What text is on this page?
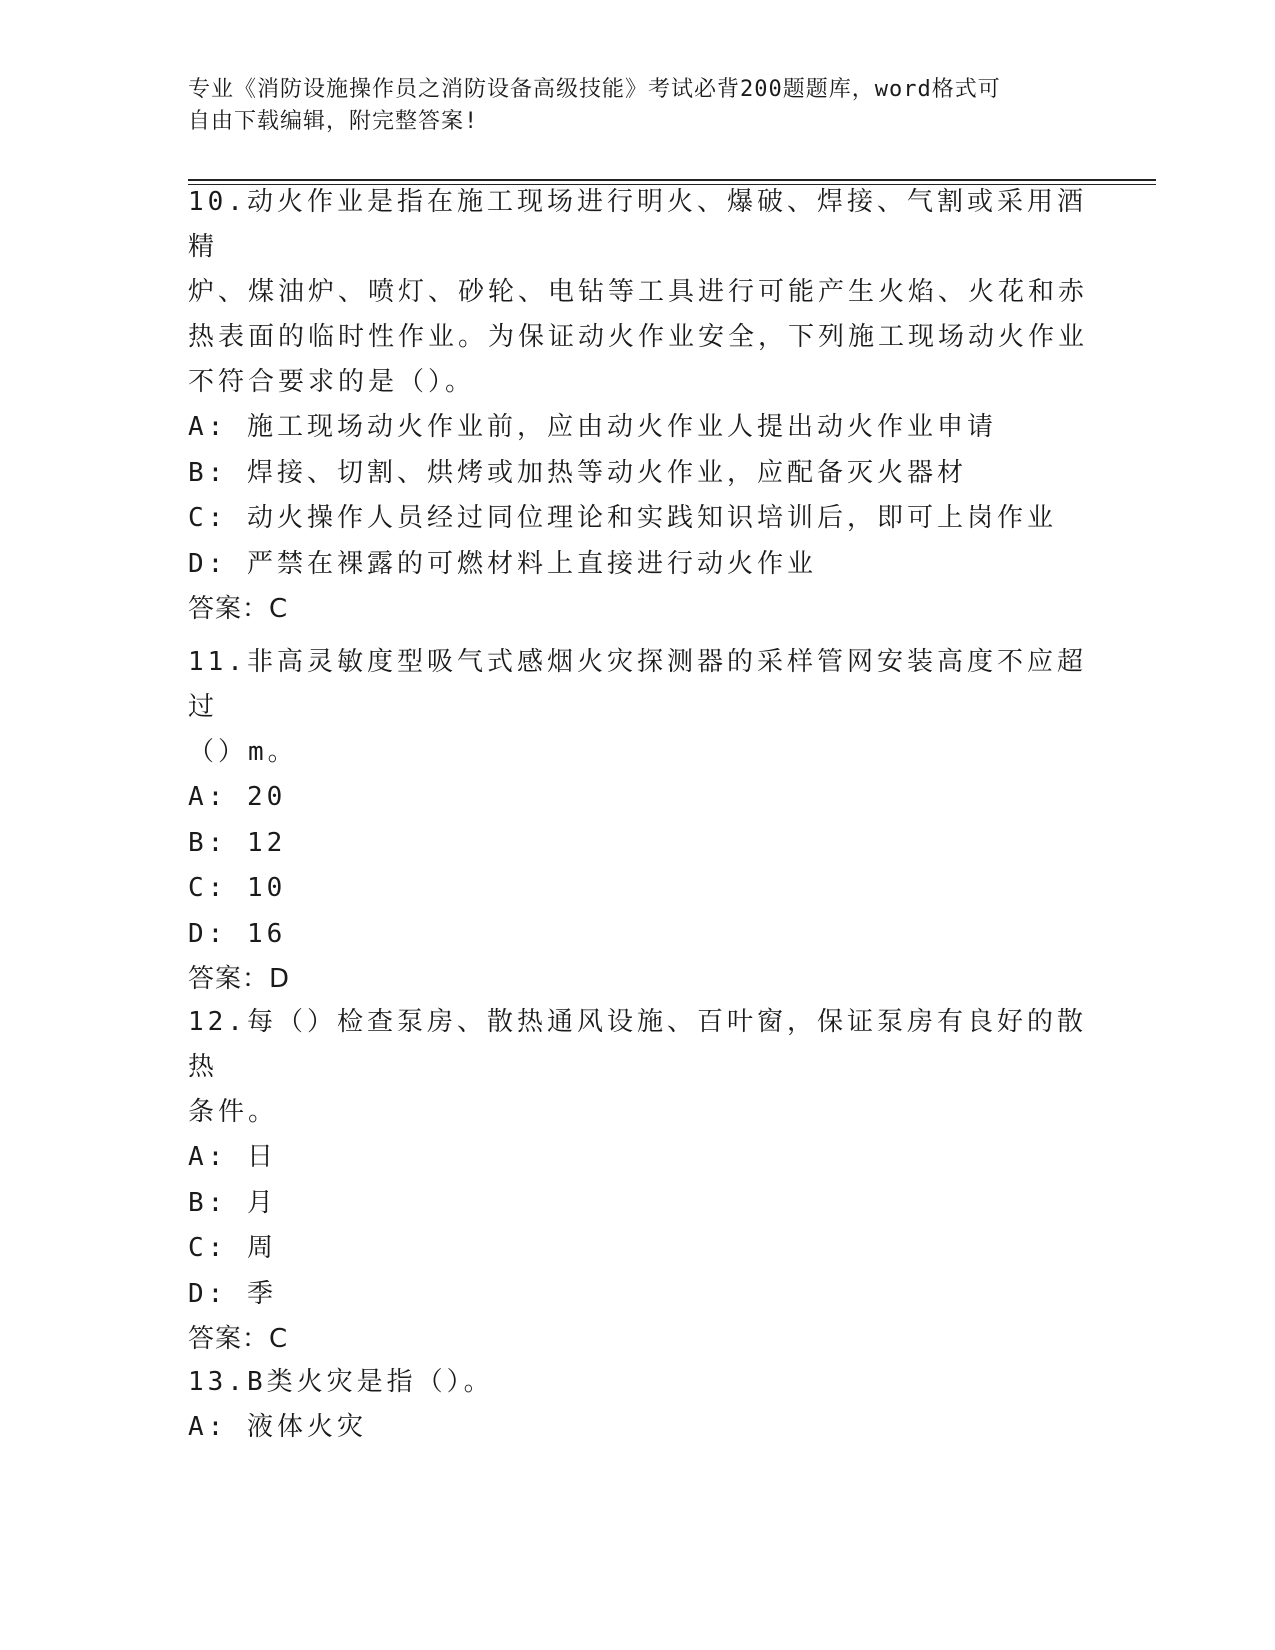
专业《消防设施操作员之消防设备高级技能》考试必背200题题库，word格式可
自由下载编辑，附完整答案!
10.动火作业是指在施工现场进行明火、爆破、焊接、气割或采用酒精
炉、煤油炉、喷灯、砂轮、电钻等工具进行可能产生火焰、火花和赤
热表面的临时性作业。为保证动火作业安全，下列施工现场动火作业
不符合要求的是（）。
A: 施工现场动火作业前，应由动火作业人提出动火作业申请
B: 焊接、切割、烘烤或加热等动火作业，应配备灭火器材
C: 动火操作人员经过同位理论和实践知识培训后，即可上岗作业
D: 严禁在裸露的可燃材料上直接进行动火作业
答案：C
11.非高灵敏度型吸气式感烟火灾探测器的采样管网安装高度不应超过
（）m。
A: 20
B: 12
C: 10
D: 16
答案：D
12.每（）检查泵房、散热通风设施、百叶窗，保证泵房有良好的散热
条件。
A: 日
B: 月
C: 周
D: 季
答案：C
13.B类火灾是指（）。
A: 液体火灾
